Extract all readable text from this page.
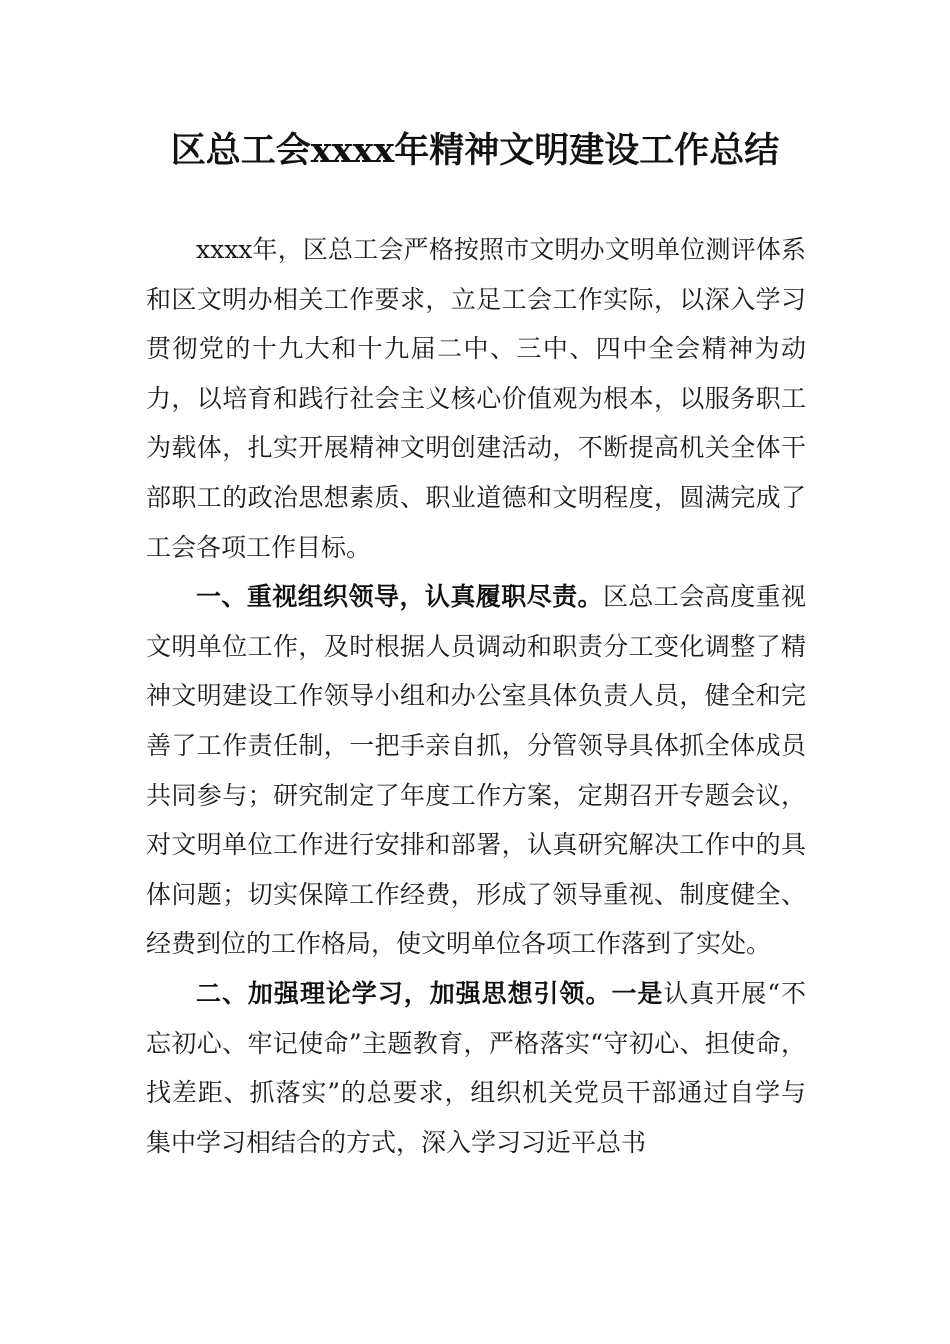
区总工会xxxx年精神文明建设工作总结

xxxx年，区总工会严格按照市文明办文明单位测评体系和区文明办相关工作要求，立足工会工作实际，以深入学习贯彻党的十九大和十九届二中、三中、四中全会精神为动力，以培育和践行社会主义核心价值观为根本，以服务职工为载体，扎实开展精神文明创建活动，不断提高机关全体干部职工的政治思想素质、职业道德和文明程度，圆满完成了工会各项工作目标。

一、重视组织领导，认真履职尽责。区总工会高度重视文明单位工作，及时根据人员调动和职责分工变化调整了精神文明建设工作领导小组和办公室具体负责人员，健全和完善了工作责任制，一把手亲自抓，分管领导具体抓全体成员共同参与；研究制定了年度工作方案，定期召开专题会议，对文明单位工作进行安排和部署，认真研究解决工作中的具体问题；切实保障工作经费，形成了领导重视、制度健全、经费到位的工作格局，使文明单位各项工作落到了实处。

二、加强理论学习，加强思想引领。一是认真开展“不忘初心、牢记使命”主题教育，严格落实“守初心、担使命，找差距、抓落实”的总要求，组织机关党员干部通过自学与集中学习相结合的方式，深入学习习近平总书
